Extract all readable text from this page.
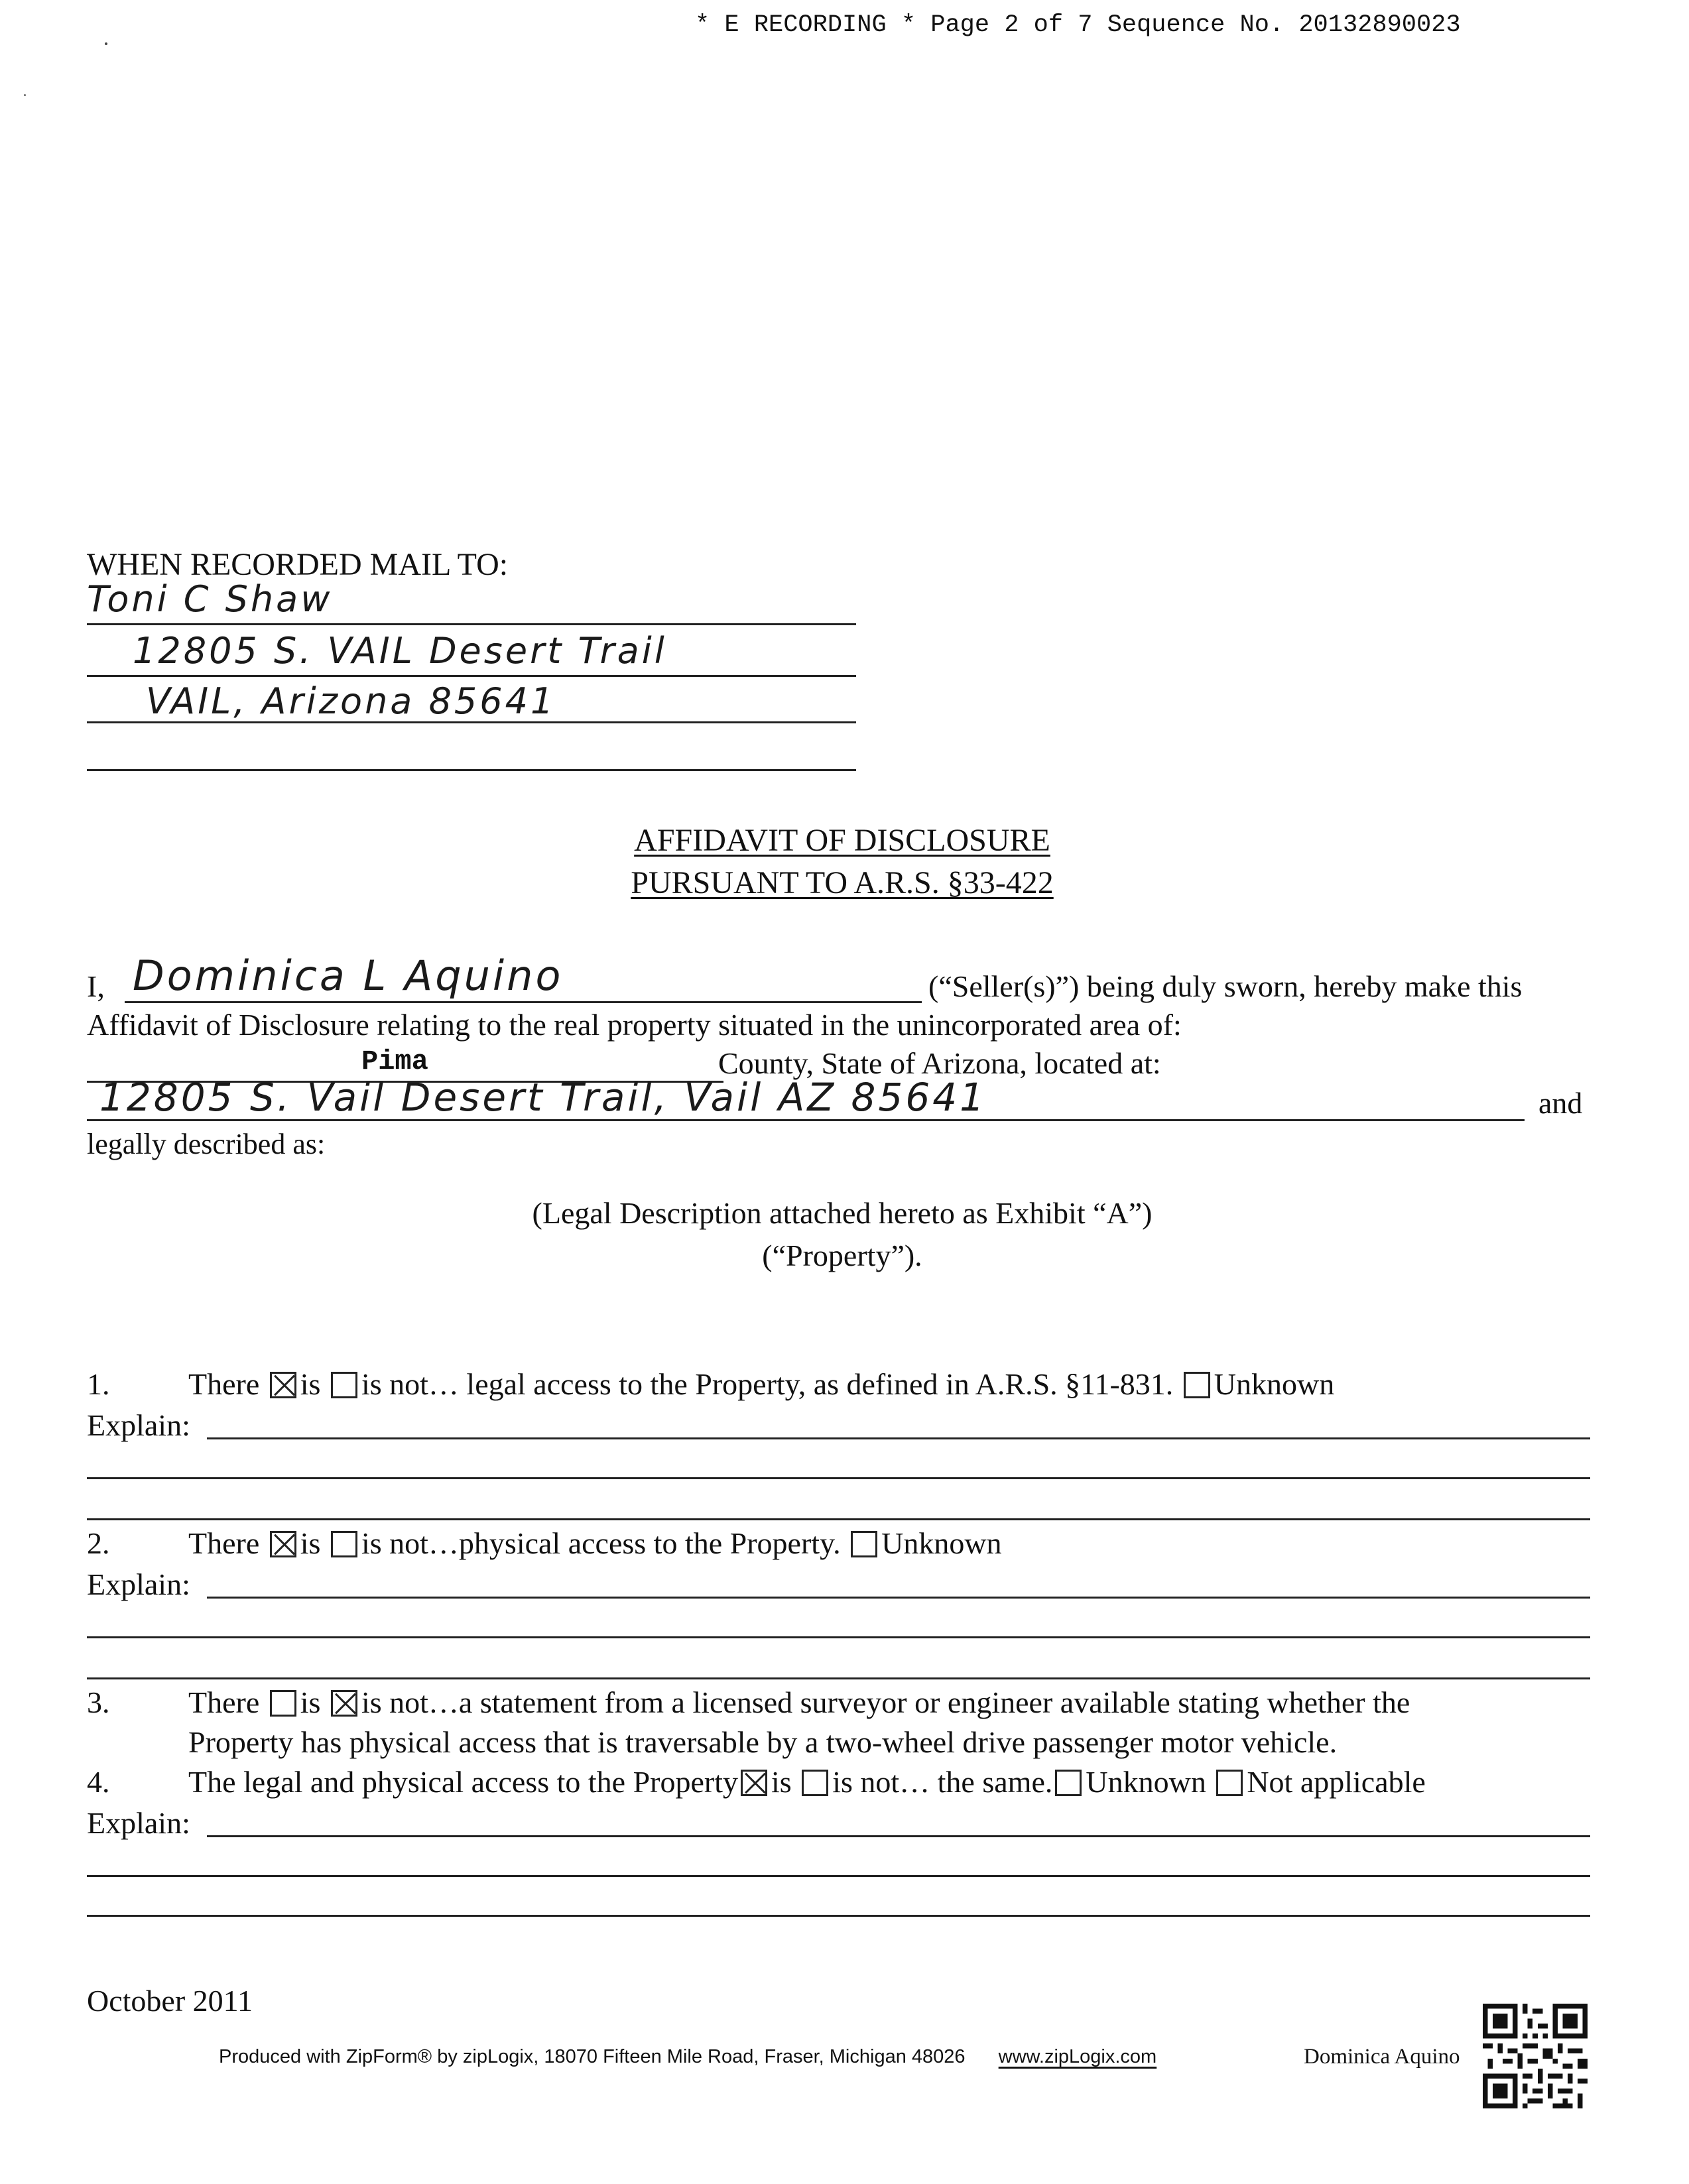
* E RECORDING * Page 2 of 7 Sequence No. 20132890023
WHEN RECORDED MAIL TO:
Toni C Shaw
12805 S. VAIL Desert Trail
VAIL, Arizona 85641
AFFIDAVIT OF DISCLOSURE
PURSUANT TO A.R.S. §33-422
I, Dominica L Aquino	(“Seller(s)”) being duly sworn, hereby make this
Affidavit of Disclosure relating to the real property situated in the unincorporated area of:
Pima	County, State of Arizona, located at:
12805 S. Vail Desert Trail, Vail AZ 85641	and
legally described as:
(Legal Description attached hereto as Exhibit “A”)
(“Property”).
1.	There is is not… legal access to the Property, as defined in A.R.S. §11-831. Unknown
Explain:
2.	There is is not…physical access to the Property. Unknown
Explain:
3.	There is is not…a statement from a licensed surveyor or engineer available stating whether the
Property has physical access that is traversable by a two-wheel drive passenger motor vehicle.
4.	The legal and physical access to the Property is is not… the same. Unknown Not applicable
Explain:
October 2011
Produced with ZipForm® by zipLogix, 18070 Fifteen Mile Road, Fraser, Michigan 48026 www.zipLogix.com	Dominica Aquino
